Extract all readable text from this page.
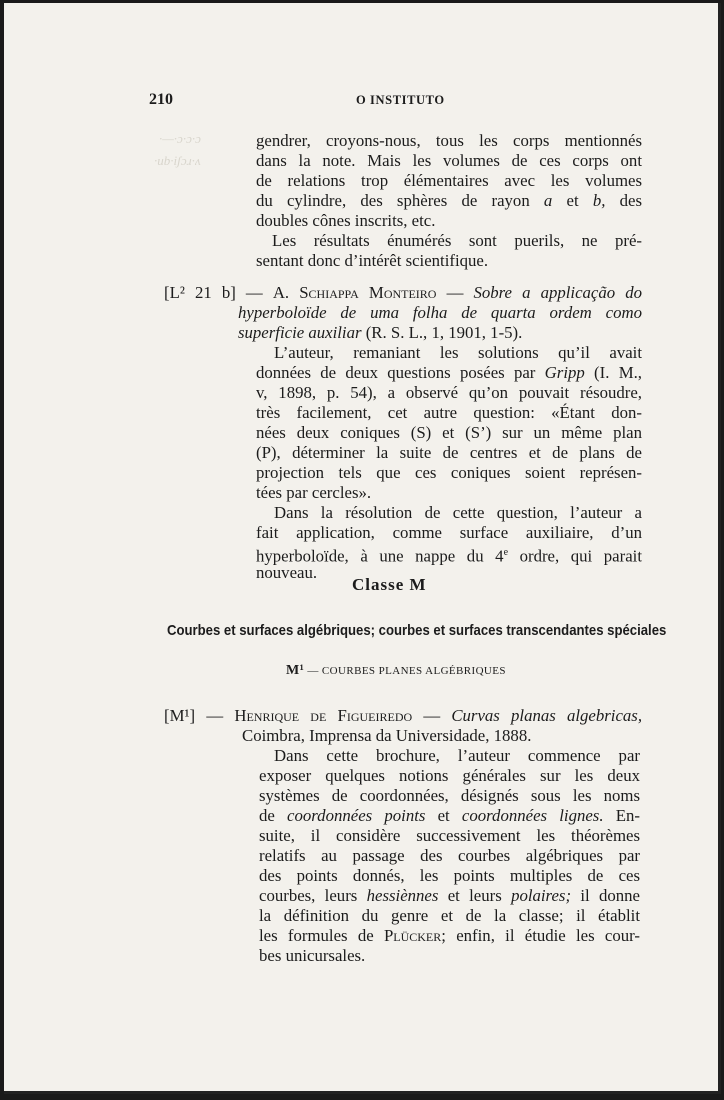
210	O INSTITUTO
·—·ɔ·ɔ·ɔ
·ub·iʃɔɹ·ʌ
gendrer, croyons-nous, tous les corps mentionnés
dans la note. Mais les volumes de ces corps ont
de relations trop élémentaires avec les volumes
du cylindre, des sphères de rayon a et b, des
doubles cônes inscrits, etc.
Les résultats énumérés sont puerils, ne pré-
sentant donc d’intérêt scientifique.
[L² 21 b] — A. Schiappa Monteiro — Sobre a applicação do
hyperboloïde de uma folha de quarta ordem como
superficie auxiliar (R. S. L., 1, 1901, 1-5).
L’auteur, remaniant les solutions qu’il avait
données de deux questions posées par Gripp (I. M.,
v, 1898, p. 54), a observé qu’on pouvait résoudre,
très facilement, cet autre question: «Étant don-
nées deux coniques (S) et (S’) sur un même plan
(P), déterminer la suite de centres et de plans de
projection tels que ces coniques soient représen-
tées par cercles».
Dans la résolution de cette question, l’auteur a
fait application, comme surface auxiliaire, d’un
hyperboloïde, à une nappe du 4e ordre, qui parait
nouveau.
Classe M
Courbes et surfaces algébriques; courbes et surfaces transcendantes spéciales
M¹ — COURBES PLANES ALGÉBRIQUES
[M¹] — Henrique de Figueiredo — Curvas planas algebricas,
Coimbra, Imprensa da Universidade, 1888.
Dans cette brochure, l’auteur commence par
exposer quelques notions générales sur les deux
systèmes de coordonnées, désignés sous les noms
de coordonnées points et coordonnées lignes. En-
suite, il considère successivement les théorèmes
relatifs au passage des courbes algébriques par
des points donnés, les points multiples de ces
courbes, leurs hessiènnes et leurs polaires; il donne
la définition du genre et de la classe; il établit
les formules de Plücker; enfin, il étudie les cour-
bes unicursales.
